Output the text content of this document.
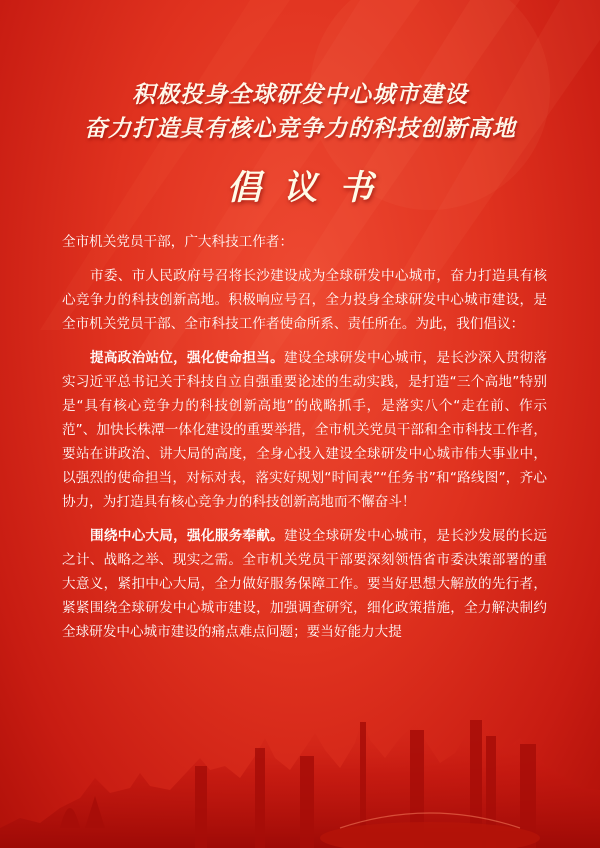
积极投身全球研发中心城市建设
奋力打造具有核心竞争力的科技创新高地
倡议书

全市机关党员干部，广大科技工作者：

市委、市人民政府号召将长沙建设成为全球研发中心城市，奋力打造具有核心竞争力的科技创新高地。积极响应号召，全力投身全球研发中心城市建设，是全市机关党员干部、全市科技工作者使命所系、责任所在。为此，我们倡议：

提高政治站位，强化使命担当。建设全球研发中心城市，是长沙深入贯彻落实习近平总书记关于科技自立自强重要论述的生动实践，是打造“三个高地”特别是“具有核心竞争力的科技创新高地”的战略抓手，是落实八个“走在前、作示范”、加快长株潭一体化建设的重要举措，全市机关党员干部和全市科技工作者，要站在讲政治、讲大局的高度，全身心投入建设全球研发中心城市伟大事业中，以强烈的使命担当，对标对表，落实好规划“时间表”“任务书”和“路线图”，齐心协力，为打造具有核心竞争力的科技创新高地而不懈奋斗！

围绕中心大局，强化服务奉献。建设全球研发中心城市，是长沙发展的长远之计、战略之举、现实之需。全市机关党员干部要深刻领悟省市委决策部署的重大意义，紧扣中心大局，全力做好服务保障工作。要当好思想大解放的先行者，紧紧围绕全球研发中心城市建设，加强调查研究，细化政策措施，全力解决制约全球研发中心城市建设的痛点难点问题；要当好能力大提
